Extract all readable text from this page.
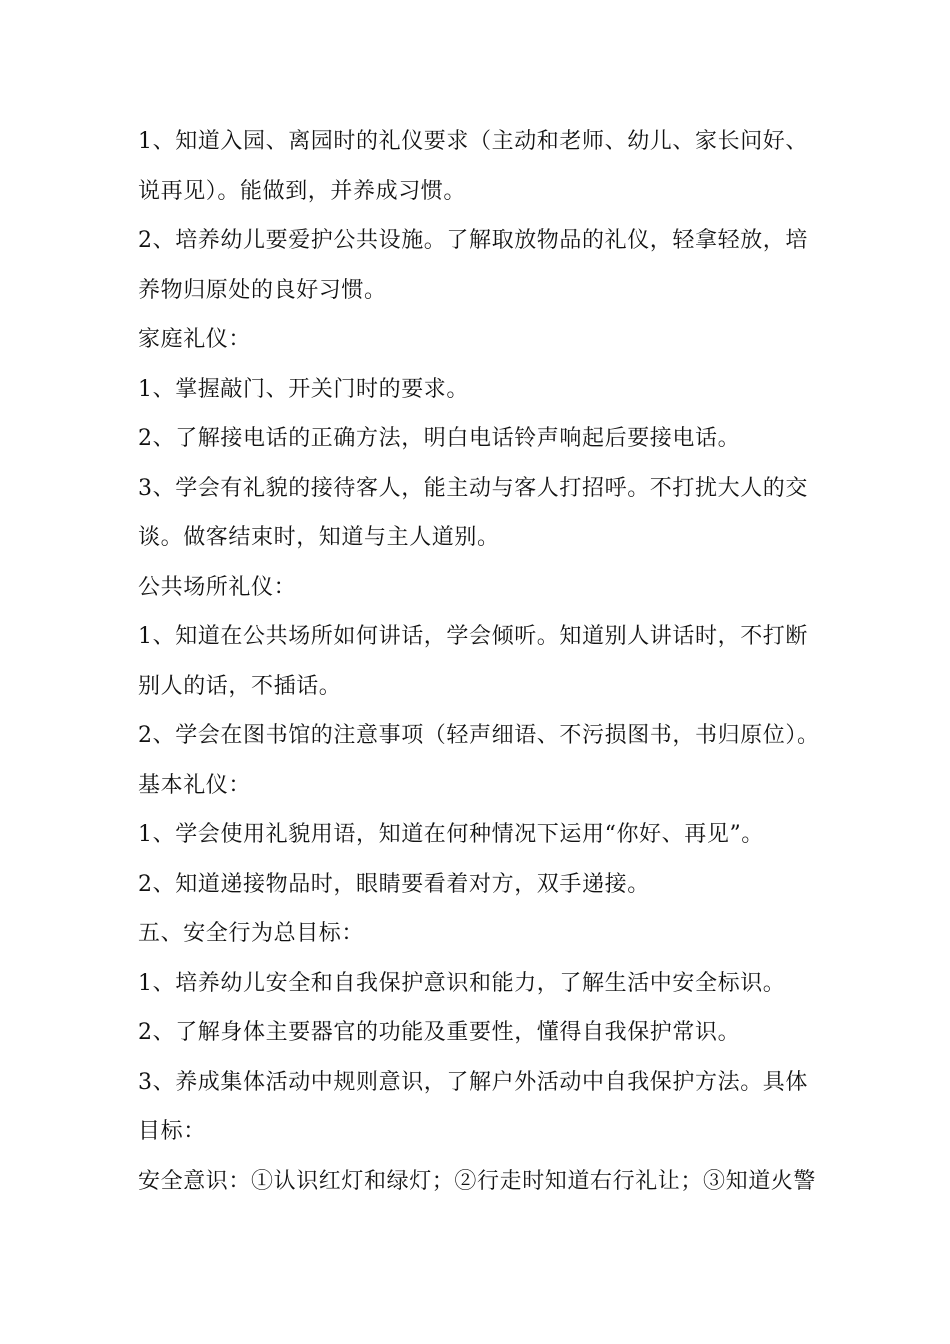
1、知道入园、离园时的礼仪要求（主动和老师、幼儿、家长问好、
说再见）。能做到，并养成习惯。
2、培养幼儿要爱护公共设施。了解取放物品的礼仪，轻拿轻放，培
养物归原处的良好习惯。
家庭礼仪：
1、掌握敲门、开关门时的要求。
2、了解接电话的正确方法，明白电话铃声响起后要接电话。
3、学会有礼貌的接待客人，能主动与客人打招呼。不打扰大人的交
谈。做客结束时，知道与主人道别。
公共场所礼仪：
1、知道在公共场所如何讲话，学会倾听。知道别人讲话时，不打断
别人的话，不插话。
2、学会在图书馆的注意事项（轻声细语、不污损图书，书归原位）。
基本礼仪：
1、学会使用礼貌用语，知道在何种情况下运用“你好、再见”。
2、知道递接物品时，眼睛要看着对方，双手递接。
五、安全行为总目标：
1、培养幼儿安全和自我保护意识和能力，了解生活中安全标识。
2、了解身体主要器官的功能及重要性，懂得自我保护常识。
3、养成集体活动中规则意识，了解户外活动中自我保护方法。具体
目标：
安全意识：①认识红灯和绿灯；②行走时知道右行礼让；③知道火警
